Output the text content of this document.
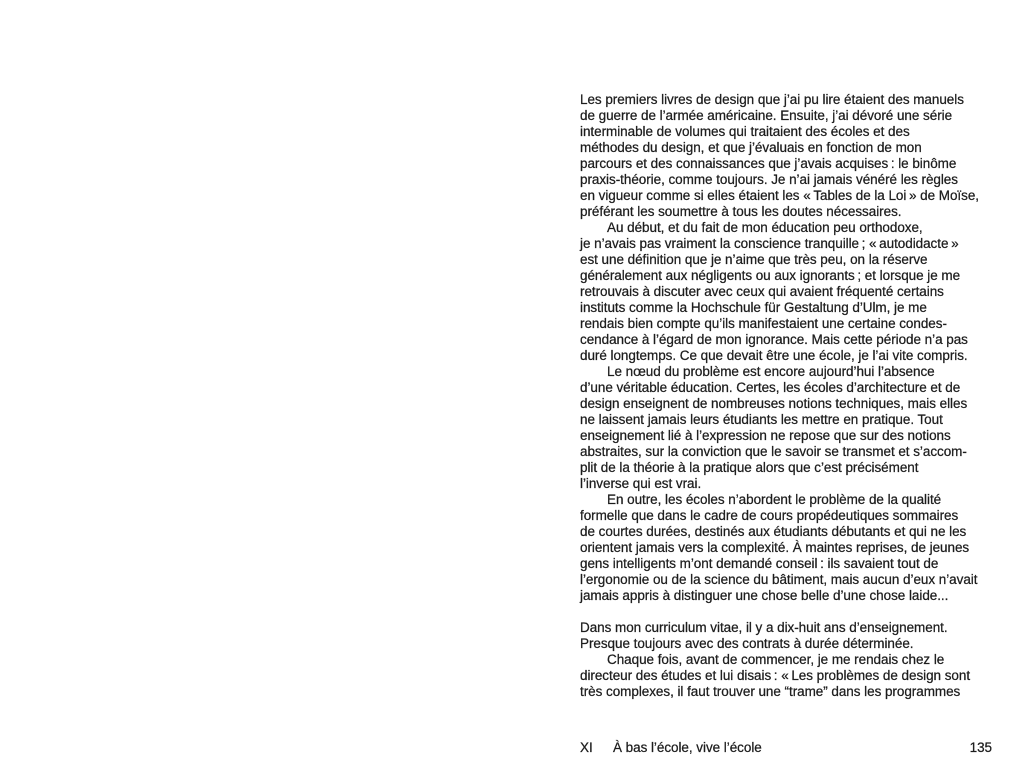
Les premiers livres de design que j’ai pu lire étaient des manuels
de guerre de l’armée américaine. Ensuite, j’ai dévoré une série
interminable de volumes qui traitaient des écoles et des
méthodes du design, et que j’évaluais en fonction de mon
parcours et des connaissances que j’avais acquises : le binôme
praxis-théorie, comme toujours. Je n’ai jamais vénéré les règles
en vigueur comme si elles étaient les « Tables de la Loi » de Moïse,
préférant les soumettre à tous les doutes nécessaires.
Au début, et du fait de mon éducation peu orthodoxe,
je n’avais pas vraiment la conscience tranquille ; « autodidacte »
est une définition que je n’aime que très peu, on la réserve
généralement aux négligents ou aux ignorants ; et lorsque je me
retrouvais à discuter avec ceux qui avaient fréquenté certains
instituts comme la Hochschule für Gestaltung d’Ulm, je me
rendais bien compte qu’ils manifestaient une certaine condes-
cendance à l’égard de mon ignorance. Mais cette période n’a pas
duré longtemps. Ce que devait être une école, je l’ai vite compris.
Le nœud du problème est encore aujourd’hui l’absence
d’une véritable éducation. Certes, les écoles d’architecture et de
design enseignent de nombreuses notions techniques, mais elles
ne laissent jamais leurs étudiants les mettre en pratique. Tout
enseignement lié à l’expression ne repose que sur des notions
abstraites, sur la conviction que le savoir se transmet et s’accom-
plit de la théorie à la pratique alors que c’est précisément
l’inverse qui est vrai.
En outre, les écoles n’abordent le problème de la qualité
formelle que dans le cadre de cours propédeutiques sommaires
de courtes durées, destinés aux étudiants débutants et qui ne les
orientent jamais vers la complexité. À maintes reprises, de jeunes
gens intelligents m’ont demandé conseil : ils savaient tout de
l’ergonomie ou de la science du bâtiment, mais aucun d’eux n’avait
jamais appris à distinguer une chose belle d’une chose laide...
Dans mon curriculum vitae, il y a dix-huit ans d’enseignement.
Presque toujours avec des contrats à durée déterminée.
Chaque fois, avant de commencer, je me rendais chez le
directeur des études et lui disais : « Les problèmes de design sont
très complexes, il faut trouver une “trame” dans les programmes
XI	À bas l’école, vive l’école	135
